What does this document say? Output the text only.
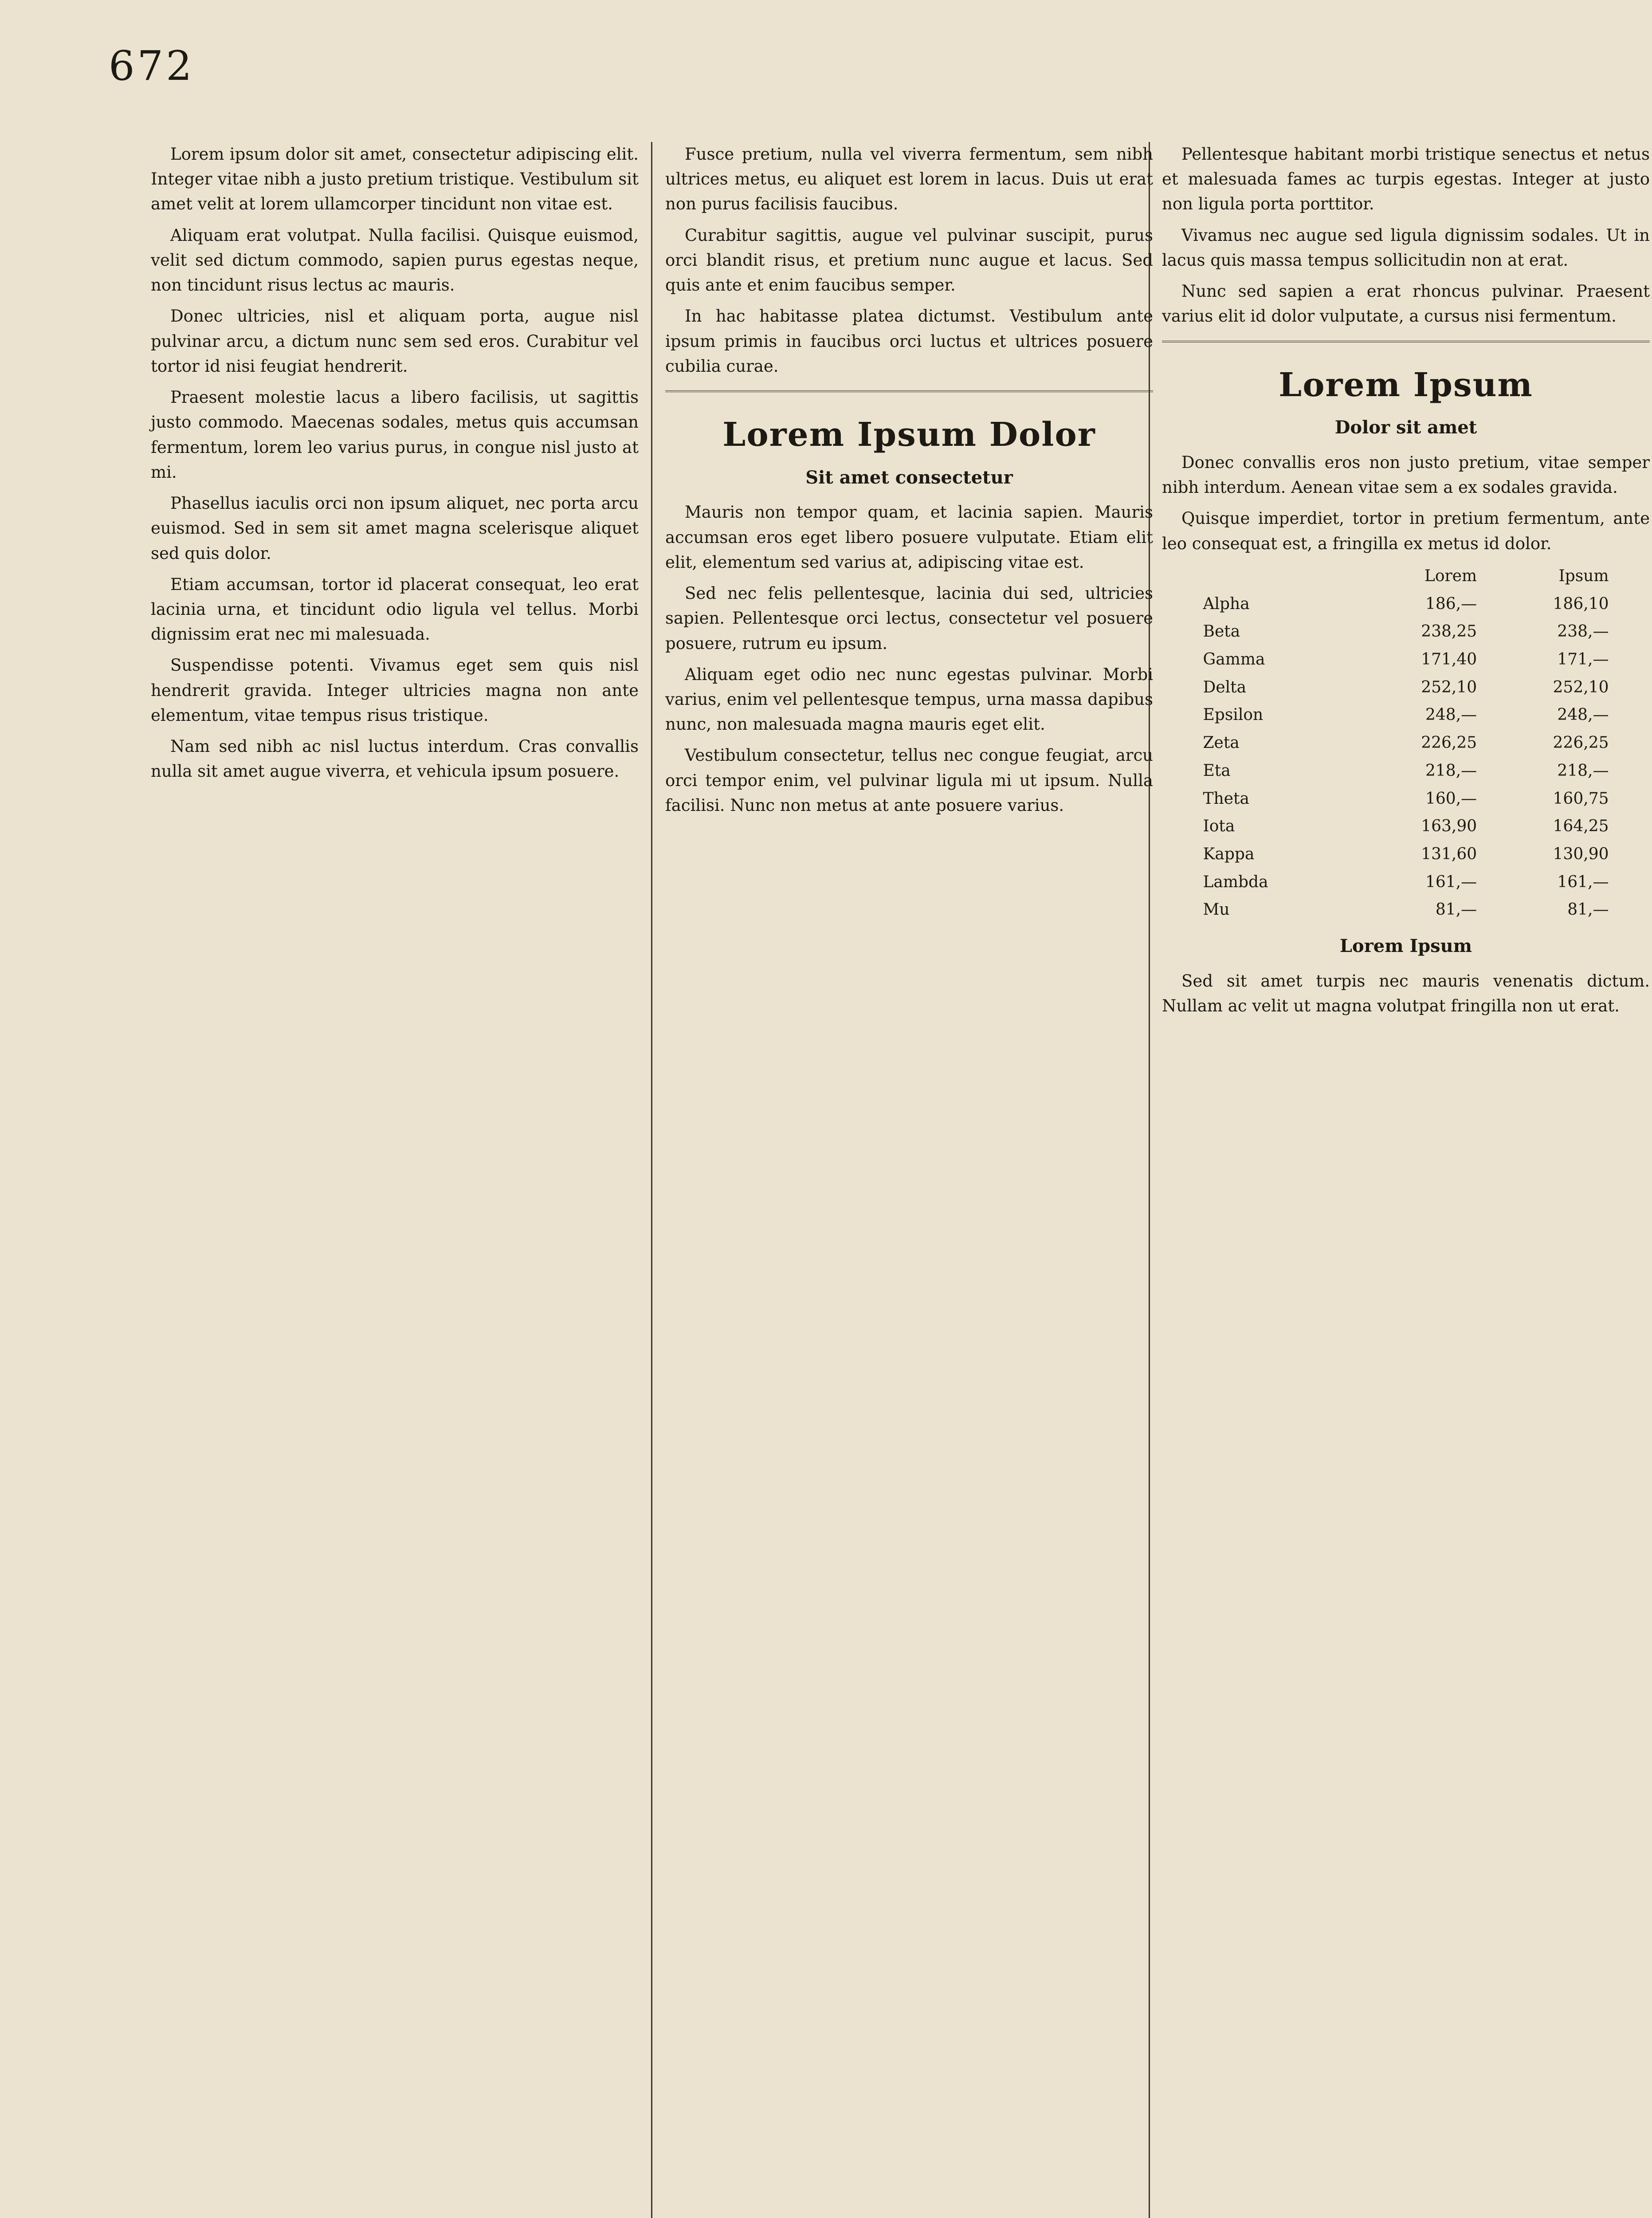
672

Lorem ipsum dolor sit amet, consectetur adipiscing elit. Integer vitae nibh a justo pretium tristique. Vestibulum sit amet velit at lorem ullamcorper tincidunt non vitae est.

Aliquam erat volutpat. Nulla facilisi. Quisque euismod, velit sed dictum commodo, sapien purus egestas neque, non tincidunt risus lectus ac mauris.

Donec ultricies, nisl et aliquam porta, augue nisl pulvinar arcu, a dictum nunc sem sed eros. Curabitur vel tortor id nisi feugiat hendrerit.

Praesent molestie lacus a libero facilisis, ut sagittis justo commodo. Maecenas sodales, metus quis accumsan fermentum, lorem leo varius purus, in congue nisl justo at mi.

Phasellus iaculis orci non ipsum aliquet, nec porta arcu euismod. Sed in sem sit amet magna scelerisque aliquet sed quis dolor.

Etiam accumsan, tortor id placerat consequat, leo erat lacinia urna, et tincidunt odio ligula vel tellus. Morbi dignissim erat nec mi malesuada.

Suspendisse potenti. Vivamus eget sem quis nisl hendrerit gravida. Integer ultricies magna non ante elementum, vitae tempus risus tristique.

Nam sed nibh ac nisl luctus interdum. Cras convallis nulla sit amet augue viverra, et vehicula ipsum posuere.

Fusce pretium, nulla vel viverra fermentum, sem nibh ultrices metus, eu aliquet est lorem in lacus. Duis ut erat non purus facilisis faucibus.

Curabitur sagittis, augue vel pulvinar suscipit, purus orci blandit risus, et pretium nunc augue et lacus. Sed quis ante et enim faucibus semper.

In hac habitasse platea dictumst. Vestibulum ante ipsum primis in faucibus orci luctus et ultrices posuere cubilia curae.

Lorem Ipsum Dolor
Sit amet consectetur

Mauris non tempor quam, et lacinia sapien. Mauris accumsan eros eget libero posuere vulputate. Etiam elit elit, elementum sed varius at, adipiscing vitae est.

Sed nec felis pellentesque, lacinia dui sed, ultricies sapien. Pellentesque orci lectus, consectetur vel posuere posuere, rutrum eu ipsum.

Aliquam eget odio nec nunc egestas pulvinar. Morbi varius, enim vel pellentesque tempus, urna massa dapibus nunc, non malesuada magna mauris eget elit.

Vestibulum consectetur, tellus nec congue feugiat, arcu orci tempor enim, vel pulvinar ligula mi ut ipsum. Nulla facilisi. Nunc non metus at ante posuere varius.

Pellentesque habitant morbi tristique senectus et netus et malesuada fames ac turpis egestas. Integer at justo non ligula porta porttitor.

Vivamus nec augue sed ligula dignissim sodales. Ut in lacus quis massa tempus sollicitudin non at erat.

Nunc sed sapien a erat rhoncus pulvinar. Praesent varius elit id dolor vulputate, a cursus nisi fermentum.

Lorem Ipsum
Dolor sit amet

Donec convallis eros non justo pretium, vitae semper nibh interdum. Aenean vitae sem a ex sodales gravida.

Quisque imperdiet, tortor in pretium fermentum, ante leo consequat est, a fringilla ex metus id dolor.

	Lorem	Ipsum
Alpha	186,—	186,10
Beta	238,25	238,—
Gamma	171,40	171,—
Delta	252,10	252,10
Epsilon	248,—	248,—
Zeta	226,25	226,25
Eta	218,—	218,—
Theta	160,—	160,75
Iota	163,90	164,25
Kappa	131,60	130,90
Lambda	161,—	161,—
Mu	81,—	81,—
Lorem Ipsum

Sed sit amet turpis nec mauris venenatis dictum. Nullam ac velit ut magna volutpat fringilla non ut erat.
